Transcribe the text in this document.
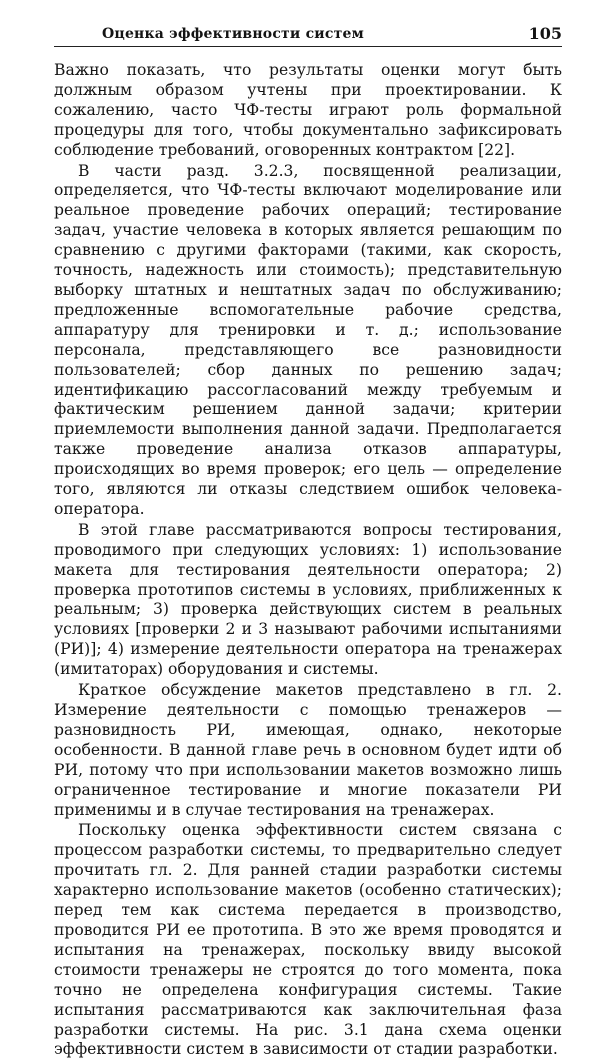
Оценка эффективности систем	105

Важно показать, что результаты оценки могут быть должным образом учтены при проектировании. К сожалению, часто ЧФ-тесты играют роль формальной процедуры для того, чтобы документально зафиксировать соблюдение требований, оговоренных контрактом [22].

В части разд. 3.2.3, посвященной реализации, определяется, что ЧФ-тесты включают моделирование или реальное проведение рабочих операций; тестирование задач, участие человека в которых является решающим по сравнению с другими факторами (такими, как скорость, точность, надежность или стоимость); представительную выборку штатных и нештатных задач по обслуживанию; предложенные вспомогательные рабочие средства, аппаратуру для тренировки и т. д.; использование персонала, представляющего все разновидности пользователей; сбор данных по решению задач; идентификацию рассогласований между требуемым и фактическим решением данной задачи; критерии приемлемости выполнения данной задачи. Предполагается также проведение анализа отказов аппаратуры, происходящих во время проверок; его цель — определение того, являются ли отказы следствием ошибок человека-оператора.

В этой главе рассматриваются вопросы тестирования, проводимого при следующих условиях: 1) использование макета для тестирования деятельности оператора; 2) проверка прототипов системы в условиях, приближенных к реальным; 3) проверка действующих систем в реальных условиях [проверки 2 и 3 называют рабочими испытаниями (РИ)]; 4) измерение деятельности оператора на тренажерах (имитаторах) оборудования и системы.

Краткое обсуждение макетов представлено в гл. 2. Измерение деятельности с помощью тренажеров — разновидность РИ, имеющая, однако, некоторые особенности. В данной главе речь в основном будет идти об РИ, потому что при использовании макетов возможно лишь ограниченное тестирование и многие показатели РИ применимы и в случае тестирования на тренажерах.

Поскольку оценка эффективности систем связана с процессом разработки системы, то предварительно следует прочитать гл. 2. Для ранней стадии разработки системы характерно использование макетов (особенно статических); перед тем как система передается в производство, проводится РИ ее прототипа. В это же время проводятся и испытания на тренажерах, поскольку ввиду высокой стоимости тренажеры не строятся до того момента, пока точно не определена конфигурация системы. Такие испытания рассматриваются как заключительная фаза разработки системы. На рис. 3.1 дана схема оценки эффективности систем в зависимости от стадии разработки.
